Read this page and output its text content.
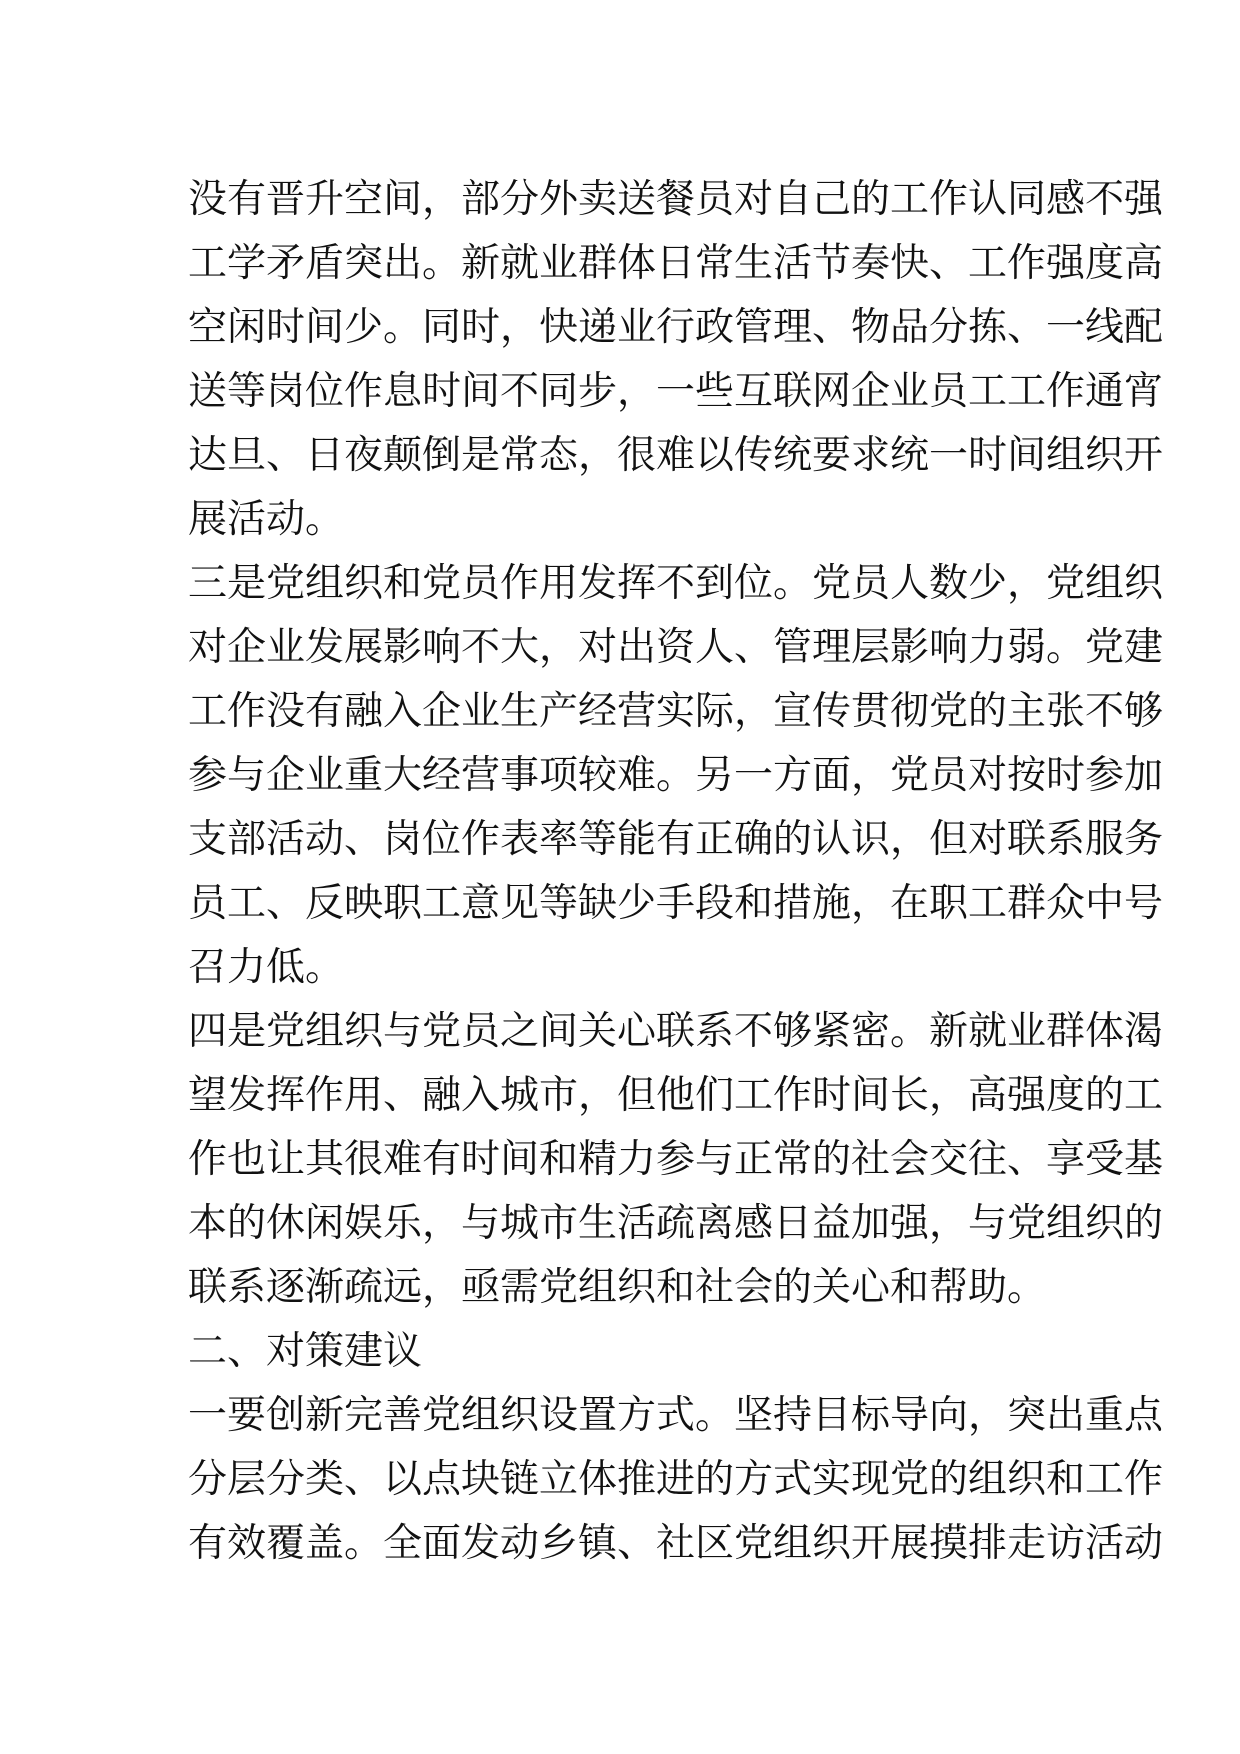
没有晋升空间，部分外卖送餐员对自己的工作认同感不强
工学矛盾突出。新就业群体日常生活节奏快、工作强度高
空闲时间少。同时，快递业行政管理、物品分拣、一线配
送等岗位作息时间不同步，一些互联网企业员工工作通宵
达旦、日夜颠倒是常态，很难以传统要求统一时间组织开
展活动。
三是党组织和党员作用发挥不到位。党员人数少，党组织
对企业发展影响不大，对出资人、管理层影响力弱。党建
工作没有融入企业生产经营实际，宣传贯彻党的主张不够
参与企业重大经营事项较难。另一方面，党员对按时参加
支部活动、岗位作表率等能有正确的认识，但对联系服务
员工、反映职工意见等缺少手段和措施，在职工群众中号
召力低。
四是党组织与党员之间关心联系不够紧密。新就业群体渴
望发挥作用、融入城市，但他们工作时间长，高强度的工
作也让其很难有时间和精力参与正常的社会交往、享受基
本的休闲娱乐，与城市生活疏离感日益加强，与党组织的
联系逐渐疏远，亟需党组织和社会的关心和帮助。
二、对策建议
一要创新完善党组织设置方式。坚持目标导向，突出重点
分层分类、以点块链立体推进的方式实现党的组织和工作
有效覆盖。全面发动乡镇、社区党组织开展摸排走访活动
